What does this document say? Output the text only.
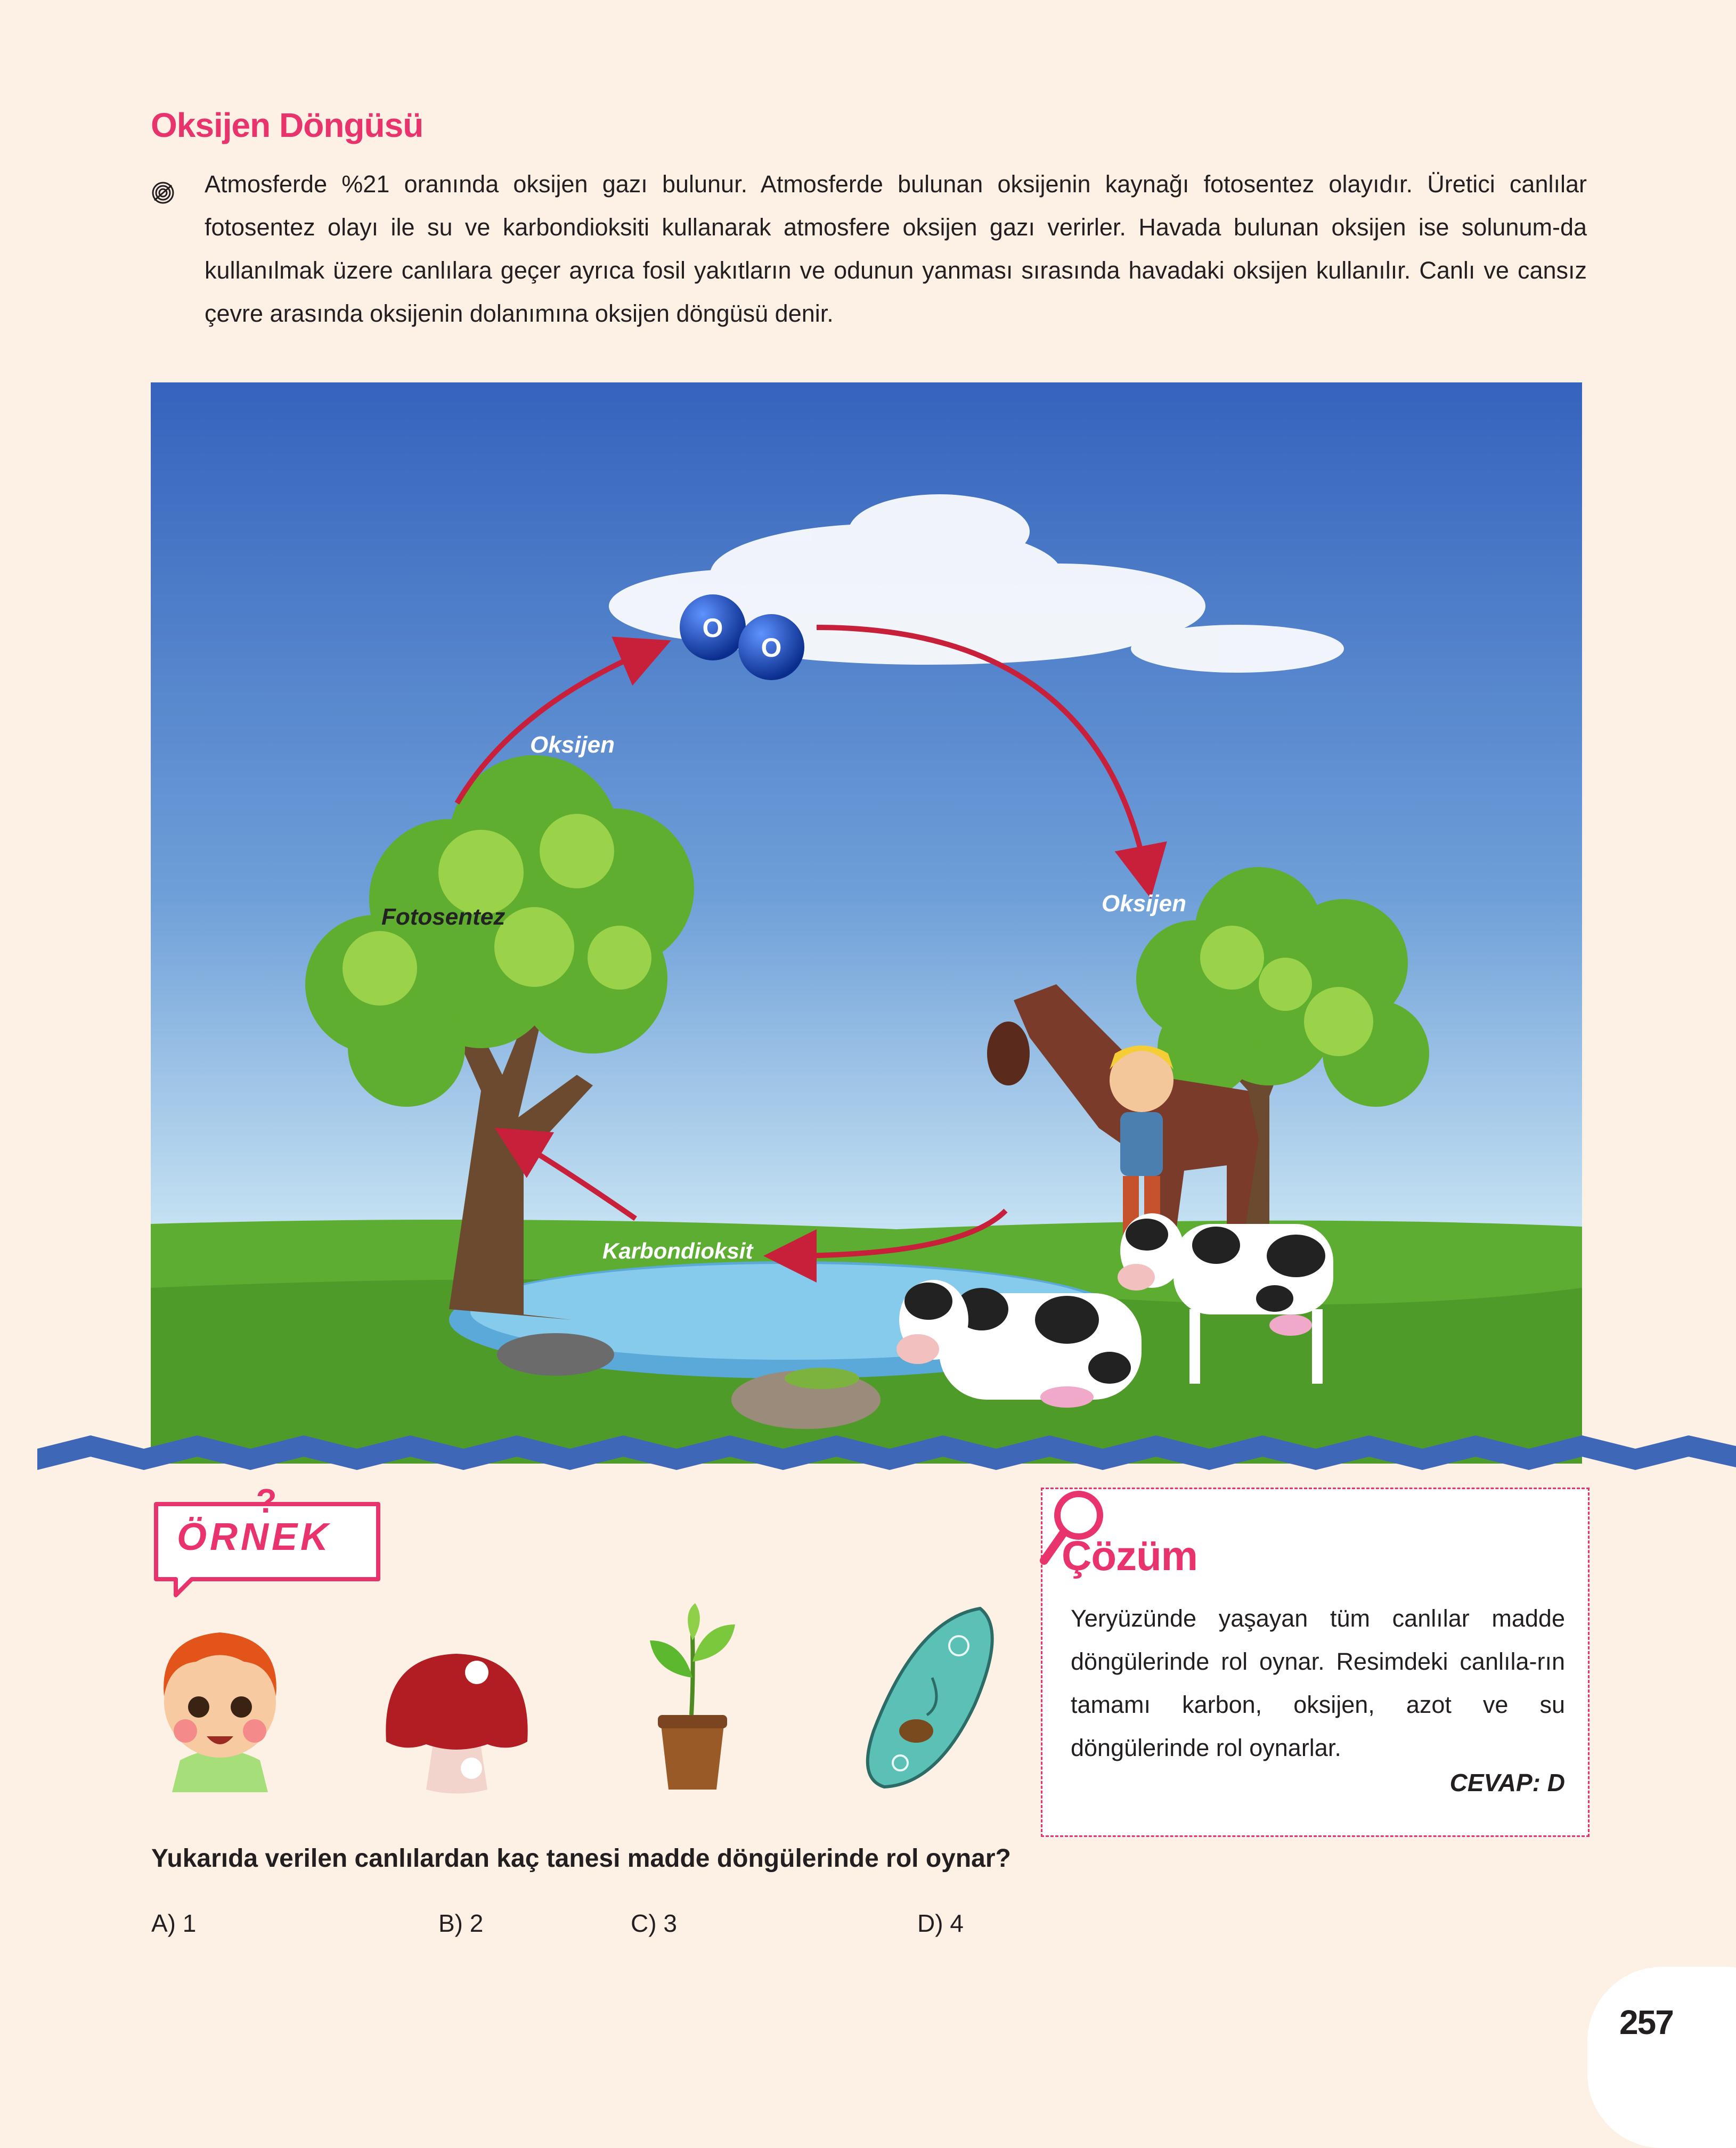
Oksijen Döngüsü
Atmosferde %21 oranında oksijen gazı bulunur. Atmosferde bulunan oksijenin kaynağı fotosentez olayıdır. Üretici canlılar fotosentez olayı ile su ve karbondioksiti kullanarak atmosfere oksijen gazı verirler. Havada bulunan oksijen ise solunum-da kullanılmak üzere canlılara geçer ayrıca fosil yakıtların ve odunun yanması sırasında havadaki oksijen kullanılır. Canlı ve cansız çevre arasında oksijenin dolanımına oksijen döngüsü denir.
O
O
Oksijen
Oksijen
Fotosentez
Karbondioksit
?
ÖRNEK
Yukarıda verilen canlılardan kaç tanesi madde döngülerinde rol oynar?
A) 1	B) 2	C) 3	D) 4
Çözüm
Yeryüzünde yaşayan tüm canlılar madde döngülerinde rol oynar. Resimdeki canlıla-rın tamamı karbon, oksijen, azot ve su döngülerinde rol oynarlar.
CEVAP: D
257
